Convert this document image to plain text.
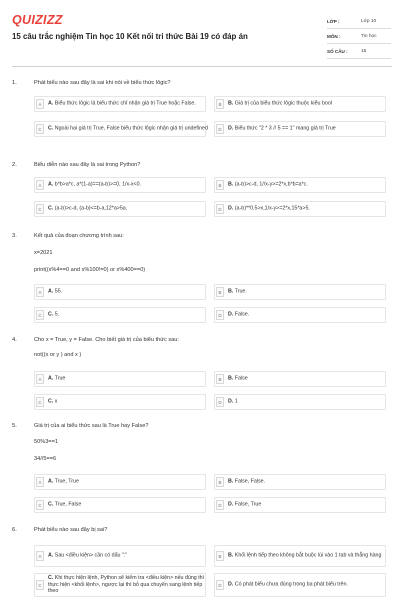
QUIZIZZ
15 câu trắc nghiệm Tin học 10 Kết nối tri thức Bài 19 có đáp án
LỚP :	Lớp 10
MÔN :	Tin học
SỐ CÂU :	15
1.	Phát biểu nào sau đây là sai khi nói về biểu thức lôgic?
A	A. Biểu thức lôgic là biểu thức chỉ nhận giá trị True hoặc False.	B	B. Giá trị của biểu thức lôgic thuộc kiểu bool
C	C. Ngoài hai giá trị True, False biểu thức lôgic nhận giá trị undefined	D	D. Biểu thức "2 * 3 // 5 == 1" mang giá trị True
2.	Biểu diễn nào sau đây là sai trong Python?
A	A. b*b>a*c, a*(1-a)==(a-b)>=0, 1/x-x<0.	B	B. (a-b)>c-d, 1//x-y>=2*x,b*b=a*c.
C	C. (a-b)>c-d, (a-b)<=b-a,12*a>5a.	D	D. (a-b)**0.5>x,1/x-y>=2*x,15*a>5.
3.	Kết quả của đoạn chương trình sau:
x=2021
print((x%4==0 and x%100!=0) or x%400==0)
A	A. 55.	B	B. True.
C	C. 5.	D	D. False.
4.	Cho x = True, y = False. Cho biết giá trị của biểu thức sau:
not((x or y ) and x )
A	A. True	B	B. False
C	C. x	D	D. 1
5.	Giá trị của ai biểu thức sau là True hay False?
50%3==1
34//5==6
A	A. True, True	B	B. False, False.
C	C. True, False	D	D. False, True
6.	Phát biểu nào sau đây bị sai?
A	A. Sau <điều kiện> cần có dấu ":"	B	B. Khối lệnh tiếp theo không bắt buộc lùi vào 1 tab và thẳng hàng
C
C. Khi thực hiện lệnh, Python sẽ kiểm tra <điều kiện> nếu đúng thì thực hiện <khối lệnh>, ngược lại thì bỏ qua chuyển sang lệnh tiếp theo
D	D. Có phát biểu chưa đúng trong ba phát biểu trên.
